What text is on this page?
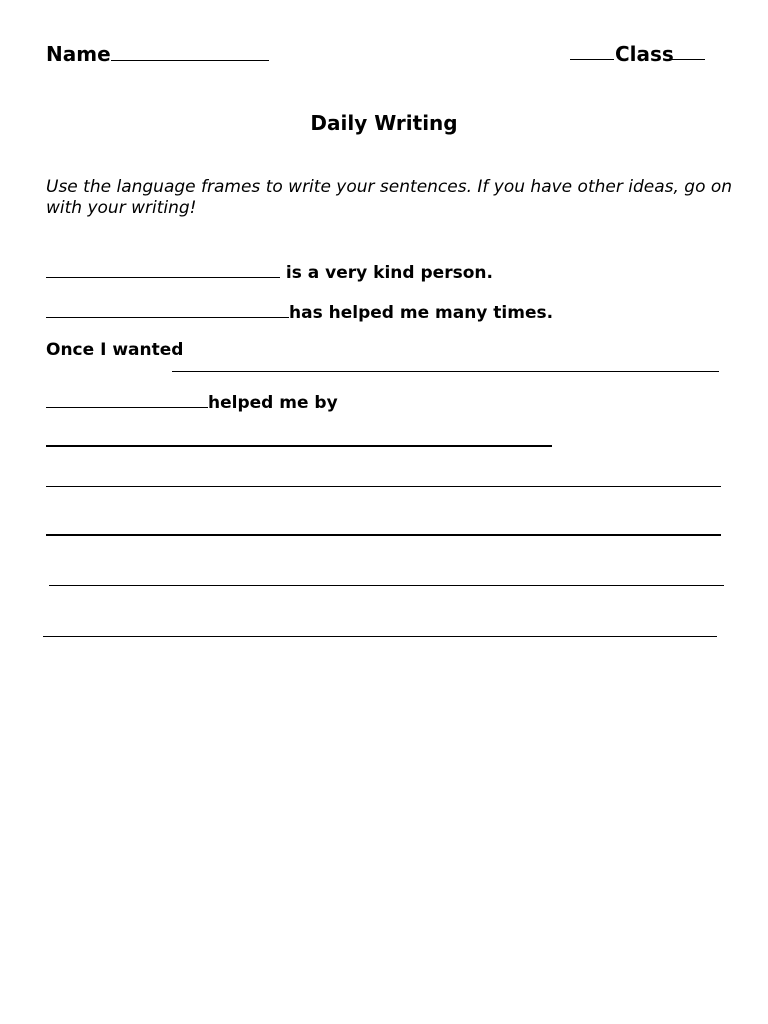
Name	Class
Daily Writing
Use the language frames to write your sentences. If you have other ideas, go on with your writing!
is a very kind person.
has helped me many times.
Once I wanted
helped me by
